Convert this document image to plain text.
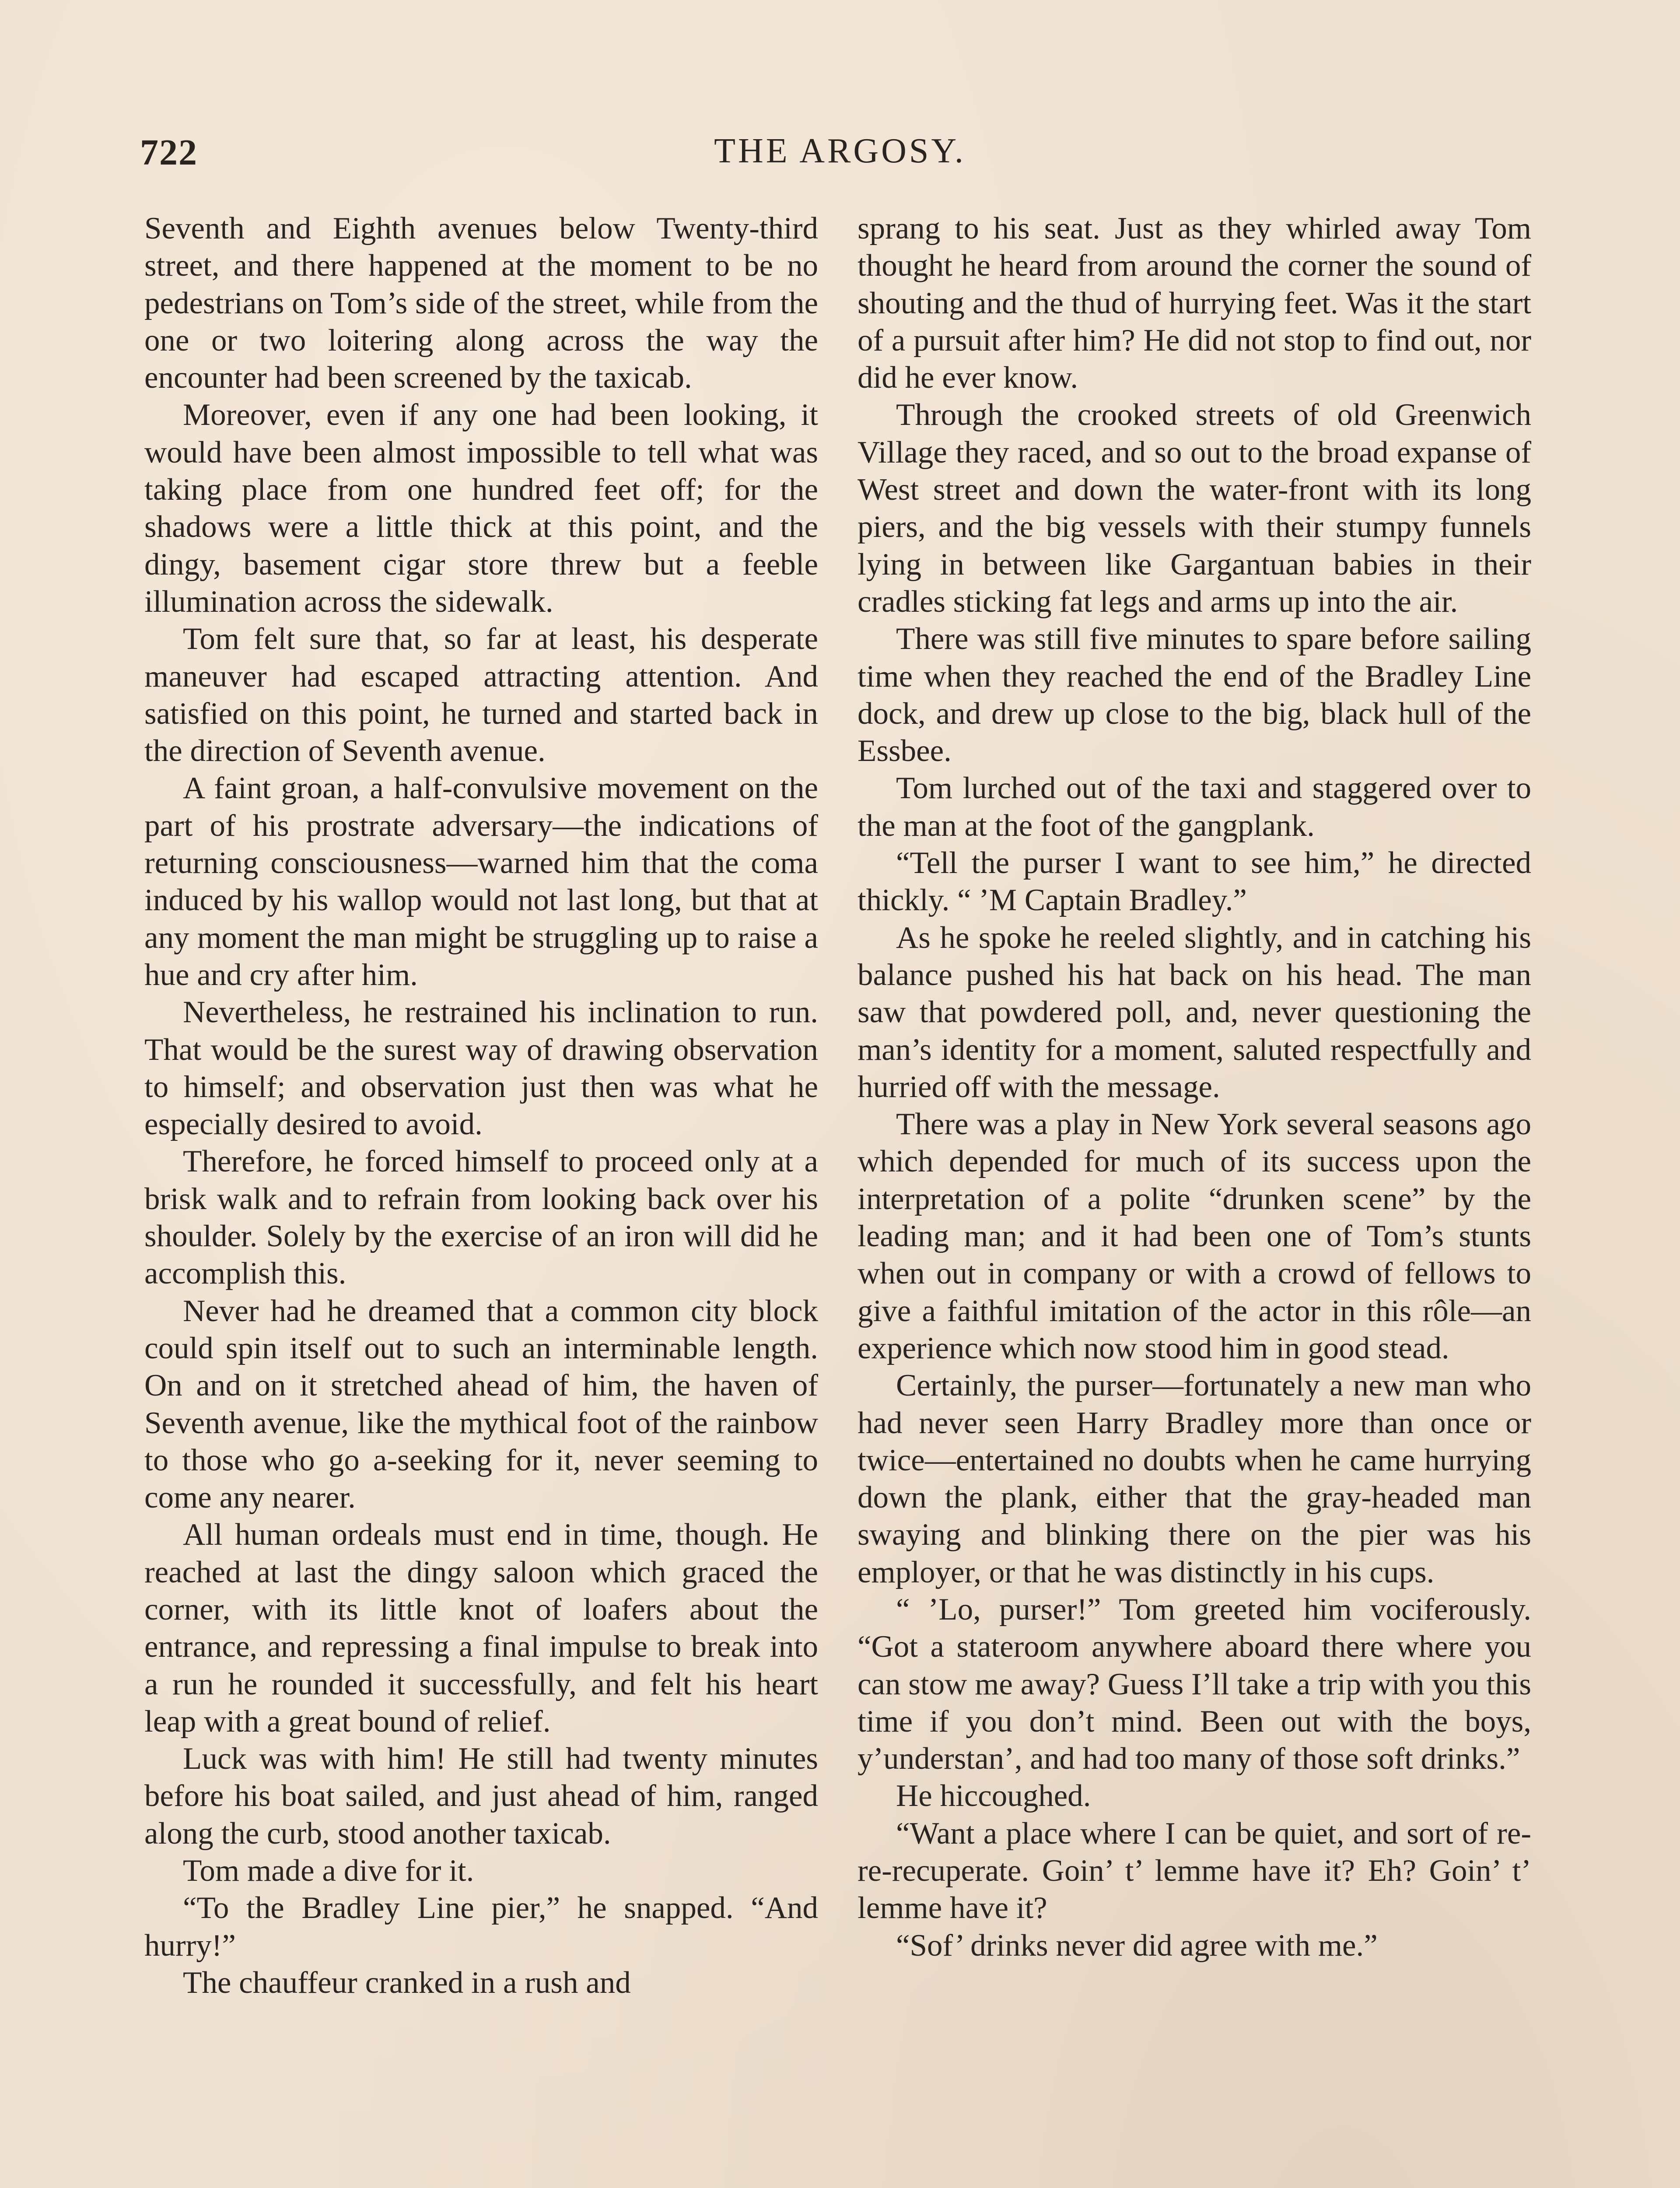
722	THE ARGOSY.

Seventh and Eighth avenues below Twenty-third street, and there happened at the moment to be no pedestrians on Tom’s side of the street, while from the one or two loitering along across the way the encounter had been screened by the taxicab.

Moreover, even if any one had been looking, it would have been almost impossible to tell what was taking place from one hundred feet off; for the shadows were a little thick at this point, and the dingy, basement cigar store threw but a feeble illumination across the sidewalk.

Tom felt sure that, so far at least, his desperate maneuver had escaped attracting attention. And satisfied on this point, he turned and started back in the direction of Seventh avenue.

A faint groan, a half-convulsive movement on the part of his prostrate adversary—the indications of returning consciousness—warned him that the coma induced by his wallop would not last long, but that at any moment the man might be struggling up to raise a hue and cry after him.

Nevertheless, he restrained his inclination to run. That would be the surest way of drawing observation to himself; and observation just then was what he especially desired to avoid.

Therefore, he forced himself to proceed only at a brisk walk and to refrain from looking back over his shoulder. Solely by the exercise of an iron will did he accomplish this.

Never had he dreamed that a common city block could spin itself out to such an interminable length. On and on it stretched ahead of him, the haven of Seventh avenue, like the mythical foot of the rainbow to those who go a-seeking for it, never seeming to come any nearer.

All human ordeals must end in time, though. He reached at last the dingy saloon which graced the corner, with its little knot of loafers about the entrance, and repressing a final impulse to break into a run he rounded it successfully, and felt his heart leap with a great bound of relief.

Luck was with him! He still had twenty minutes before his boat sailed, and just ahead of him, ranged along the curb, stood another taxicab.

Tom made a dive for it.

“To the Bradley Line pier,” he snapped. “And hurry!”

The chauffeur cranked in a rush and

sprang to his seat. Just as they whirled away Tom thought he heard from around the corner the sound of shouting and the thud of hurrying feet. Was it the start of a pursuit after him? He did not stop to find out, nor did he ever know.

Through the crooked streets of old Greenwich Village they raced, and so out to the broad expanse of West street and down the water-front with its long piers, and the big vessels with their stumpy funnels lying in between like Gargantuan babies in their cradles sticking fat legs and arms up into the air.

There was still five minutes to spare before sailing time when they reached the end of the Bradley Line dock, and drew up close to the big, black hull of the Essbee.

Tom lurched out of the taxi and staggered over to the man at the foot of the gangplank.

“Tell the purser I want to see him,” he directed thickly. “ ’M Captain Bradley.”

As he spoke he reeled slightly, and in catching his balance pushed his hat back on his head. The man saw that powdered poll, and, never questioning the man’s identity for a moment, saluted respectfully and hurried off with the message.

There was a play in New York several seasons ago which depended for much of its success upon the interpretation of a polite “drunken scene” by the leading man; and it had been one of Tom’s stunts when out in company or with a crowd of fellows to give a faithful imitation of the actor in this rôle—an experience which now stood him in good stead.

Certainly, the purser—fortunately a new man who had never seen Harry Bradley more than once or twice—entertained no doubts when he came hurrying down the plank, either that the gray-headed man swaying and blinking there on the pier was his employer, or that he was distinctly in his cups.

“ ’Lo, purser!” Tom greeted him vociferously. “Got a stateroom anywhere aboard there where you can stow me away? Guess I’ll take a trip with you this time if you don’t mind. Been out with the boys, y’understan’, and had too many of those soft drinks.”

He hiccoughed.

“Want a place where I can be quiet, and sort of re-re-recuperate. Goin’ t’ lemme have it? Eh? Goin’ t’ lemme have it?

“Sof’ drinks never did agree with me.”
